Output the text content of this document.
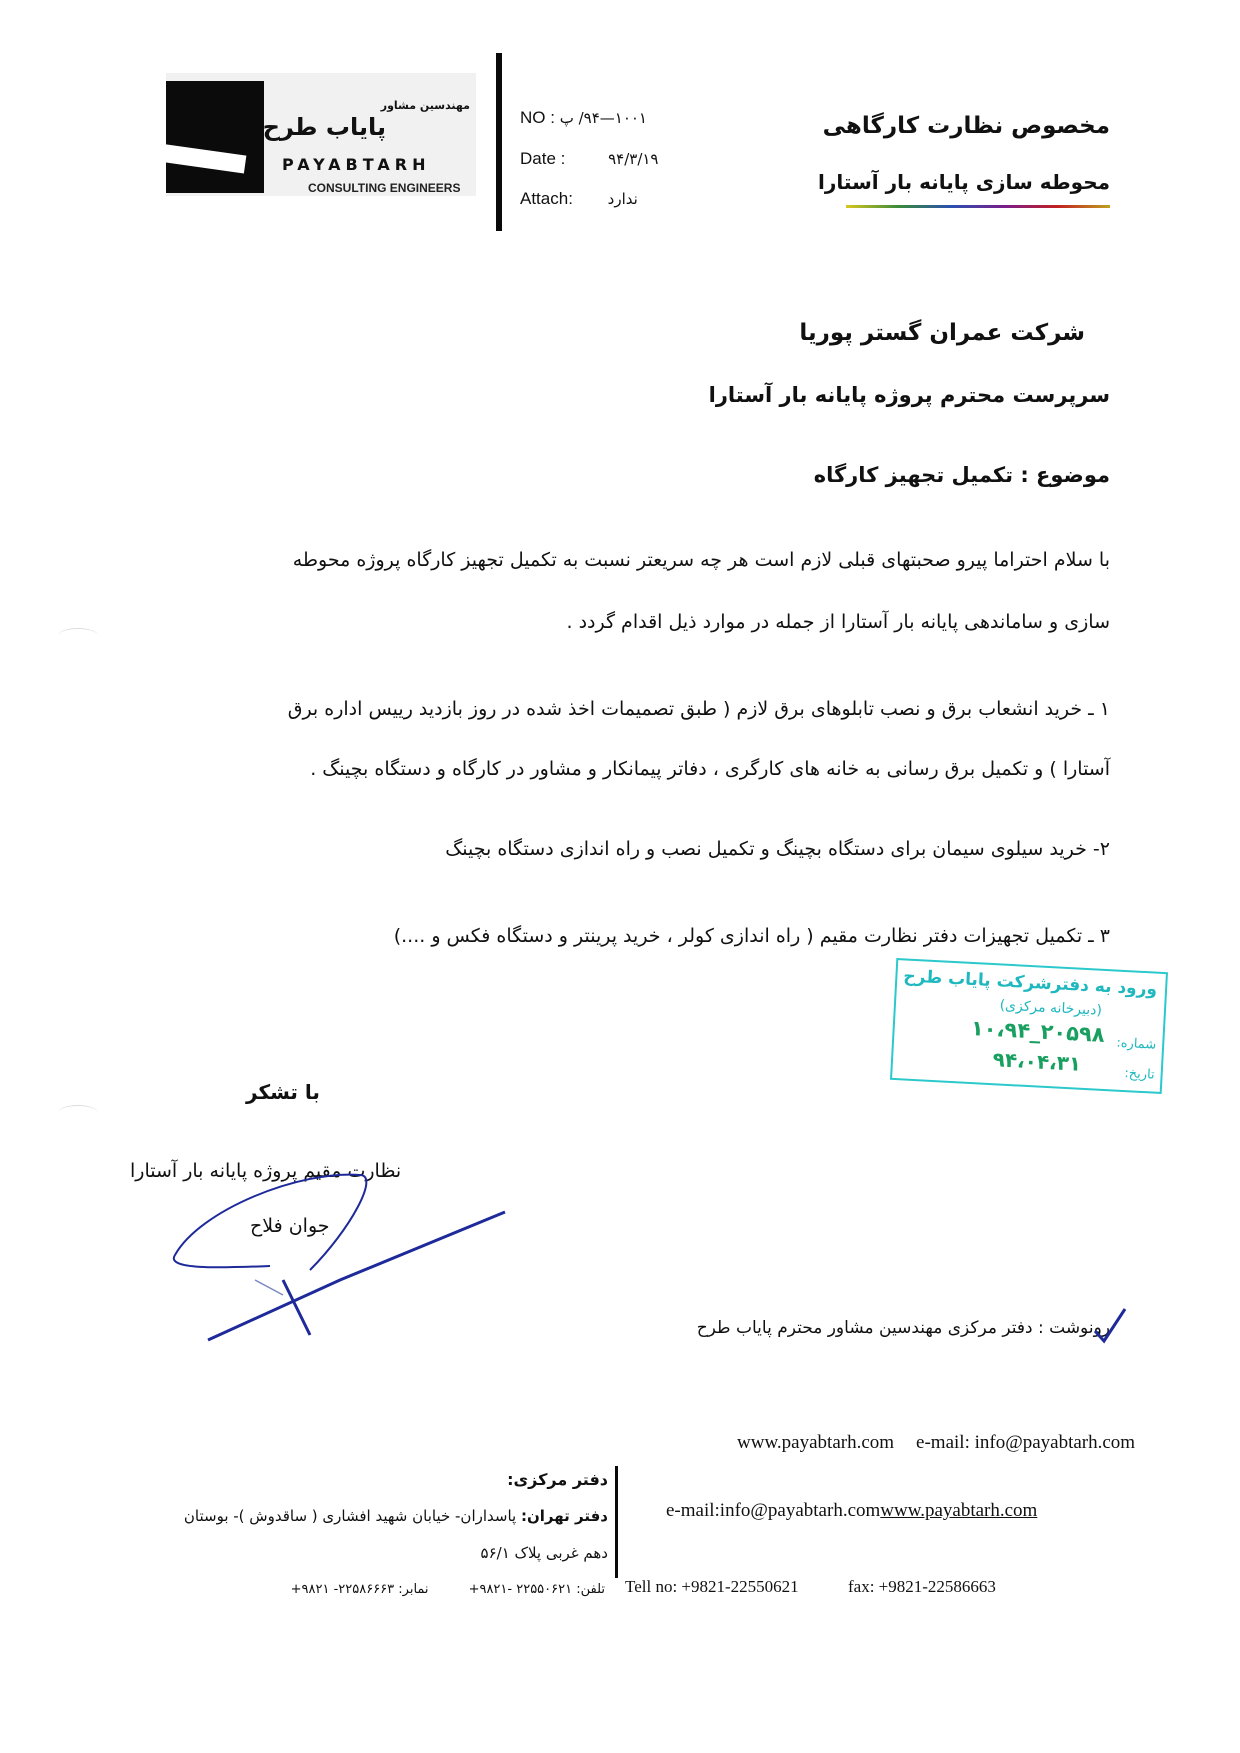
مهندسین مشاور
پایاب طرح
PAYABTARH
CONSULTING ENGINEERS
NO : ۱۰۰۱—۹۴/ پ
Date :	۹۴/۳/۱۹
Attach: ندارد
مخصوص نظارت کارگاهی
محوطه سازی پایانه بار آستارا
شرکت عمران گستر پوریا
سرپرست محترم پروژه پایانه بار آستارا
موضوع : تکمیل تجهیز کارگاه
با سلام احتراما پیرو صحبتهای قبلی لازم است هر چه سریعتر نسبت به تکمیل تجهیز کارگاه پروژه محوطه
سازی و ساماندهی پایانه بار آستارا از جمله در موارد ذیل اقدام گردد .
۱ ـ خرید انشعاب برق و نصب تابلوهای برق لازم ( طبق تصمیمات اخذ شده در روز بازدید رییس اداره برق
آستارا ) و تکمیل برق رسانی به خانه های کارگری ، دفاتر پیمانکار و مشاور در کارگاه و دستگاه بچینگ .
۲- خرید سیلوی سیمان برای دستگاه بچینگ و تکمیل نصب و راه اندازی دستگاه بچینگ
۳ ـ تکمیل تجهیزات دفتر نظارت مقیم ( راه اندازی کولر ، خرید پرینتر و دستگاه فکس و ....)
ورود به دفترشرکت پایاب طرح
(دبیرخانه مرکزی)
شماره:
۱۰،۹۴_۲۰۵۹۸
تاریخ:
۹۴،۰۴،۳۱
با تشکر
نظارت مقیم پروژه پایانه بار آستارا
جوان فلاح
رونوشت : دفتر مرکزی مهندسین مشاور محترم پایاب طرح
www.payabtarh.com e-mail: info@payabtarh.com
e-mail:info@payabtarh.comwww.payabtarh.com
دفتر مرکزی:
دفتر تهران: پاسداران- خیابان شهید افشاری ( ساقدوش )- بوستان
دهم غربی پلاک ۵۶/۱
تلفن: ۲۲۵۵۰۶۲۱ -۹۸۲۱+نمابر: ۲۲۵۸۶۶۶۳- ۹۸۲۱+	Tell no: +9821-22550621	fax: +9821-22586663
